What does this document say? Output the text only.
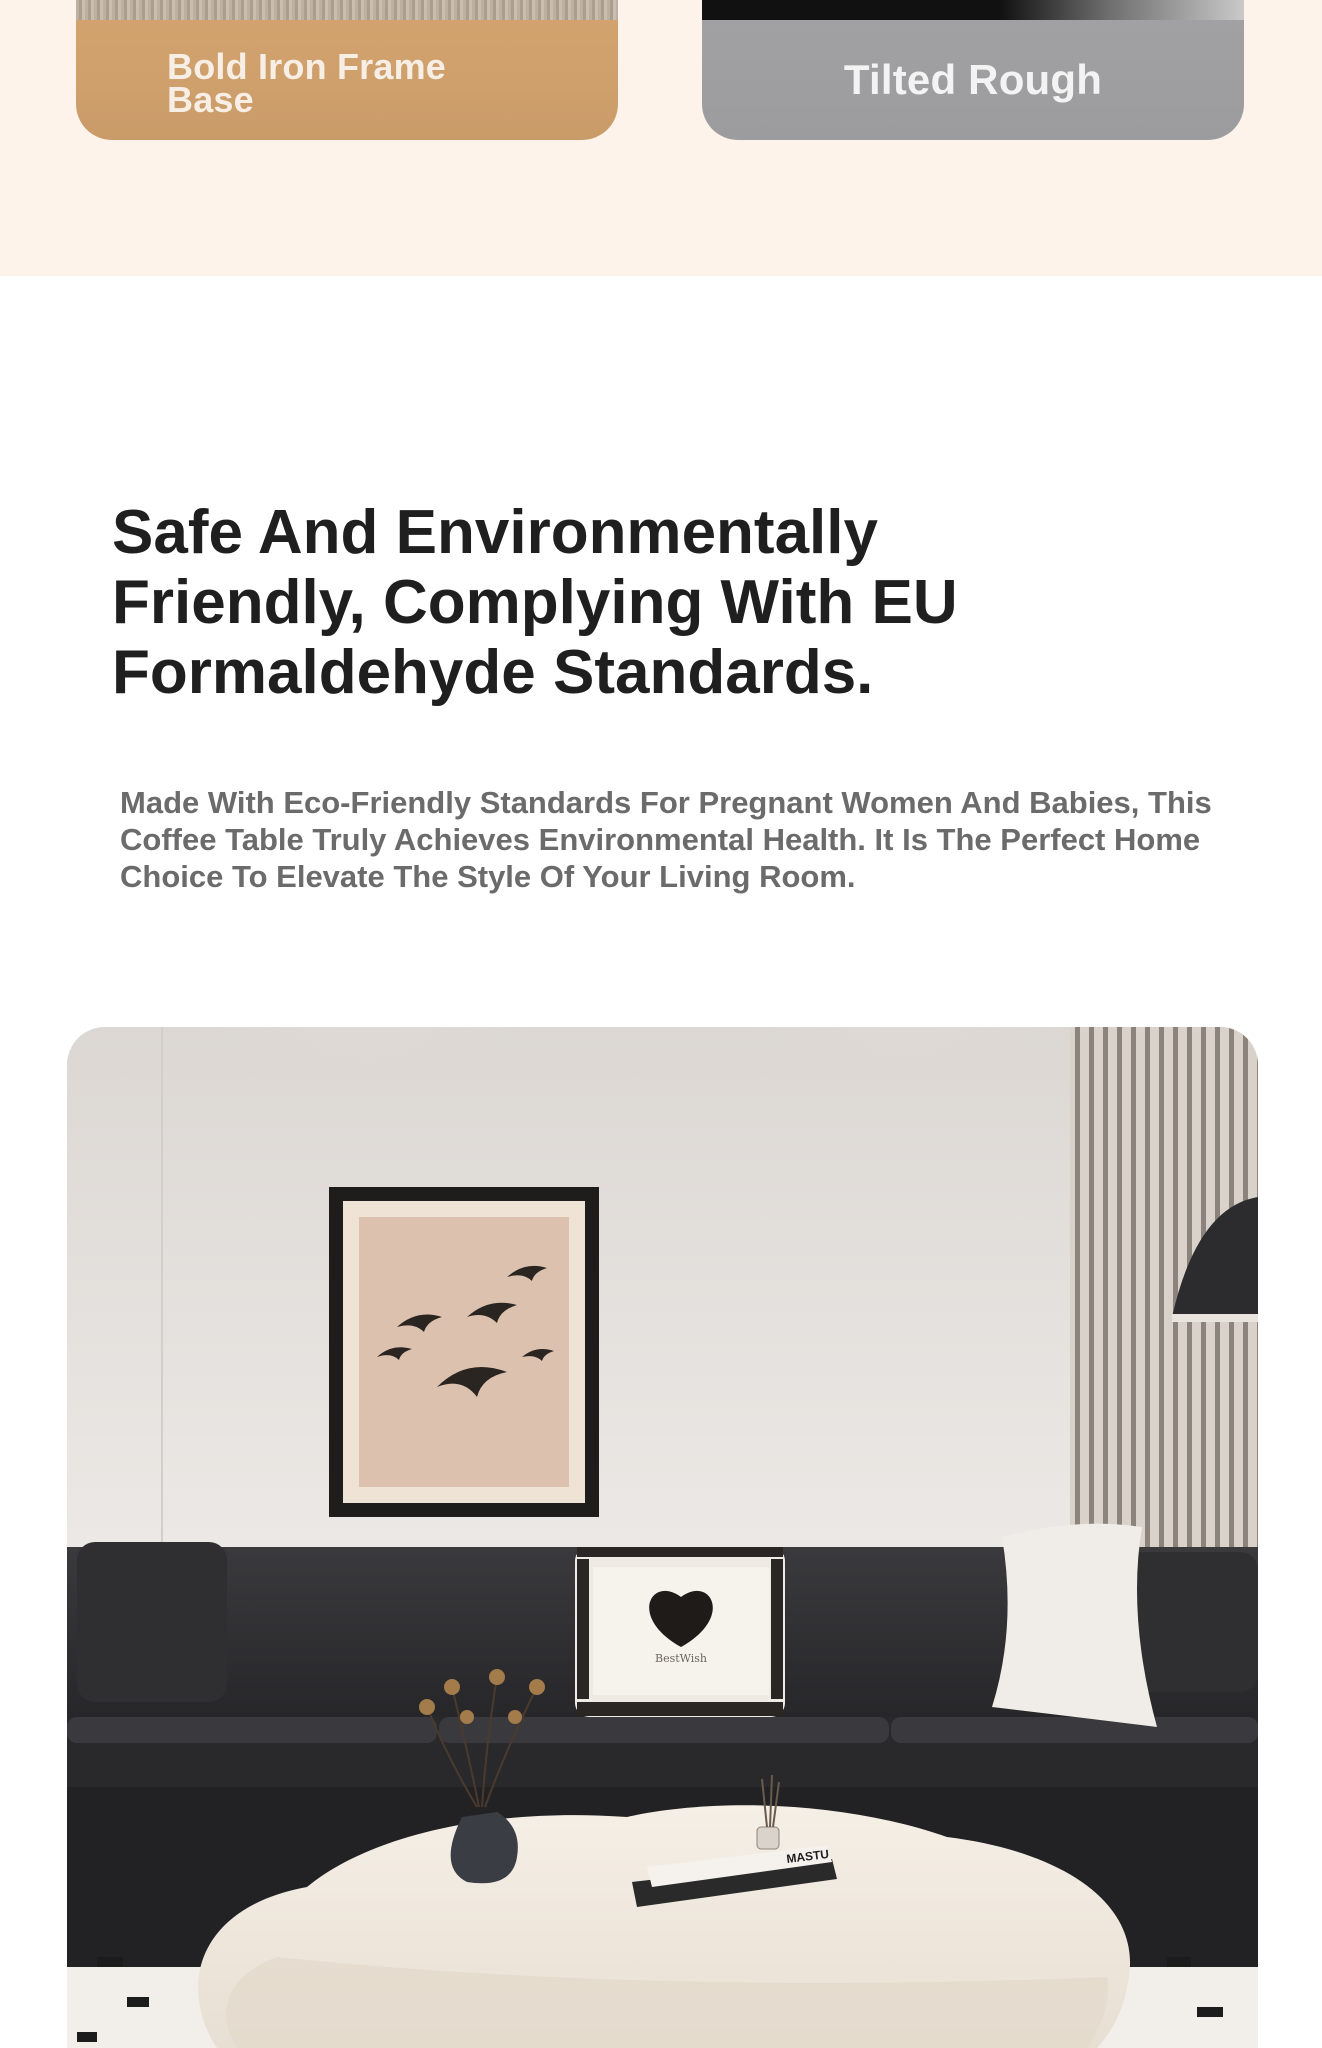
Bold Iron Frame Base	Tilted Rough
Safe And Environmentally Friendly, Complying With EU Formaldehyde Standards.

Made With Eco-Friendly Standards For Pregnant Women And Babies, This Coffee Table Truly Achieves Environmental Health. It Is The Perfect Home Choice To Elevate The Style Of Your Living Room.

BestWish
MASTU
